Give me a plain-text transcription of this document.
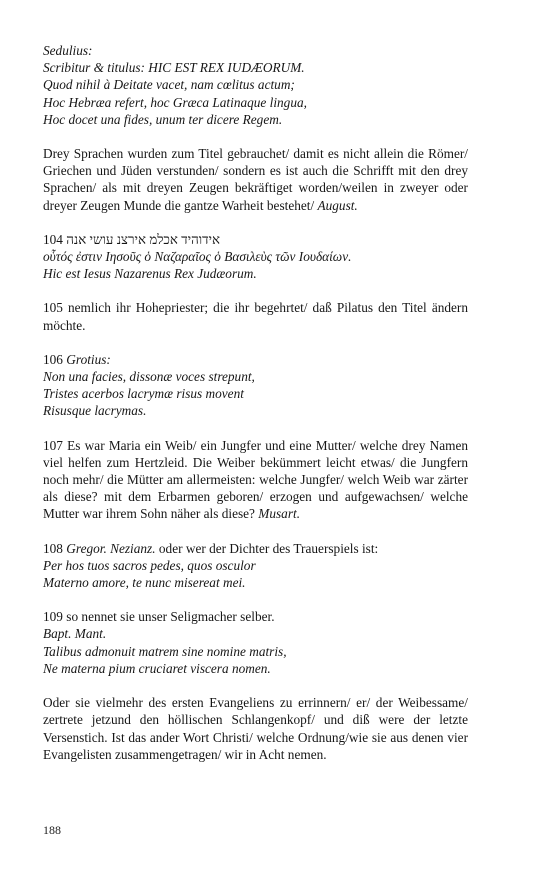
Sedulius:
Scribitur & titulus: HIC EST REX IUDÆORUM.
Quod nihil à Deitate vacet, nam cœlitus actum;
Hoc Hebræa refert, hoc Græca Latinaque lingua,
Hoc docet una fides, unum ter dicere Regem.
Drey Sprachen wurden zum Titel gebrauchet/ damit es nicht allein die Römer/ Griechen und Jüden verstunden/ sondern es ist auch die Schrifft mit den drey Sprachen/ als mit dreyen Zeugen bekräftiget worden/weilen in zweyer oder dreyer Zeugen Munde die gantze Warheit bestehet/ August.
104 אידוהיד אכלמ אירצנ עושי אנה
οὗτός ἐστιν Ιησοῦς ὁ Ναζαραῖος ὁ Βασιλεὺς τῶν Ιουδαίων.
Hic est Iesus Nazarenus Rex Judæorum.
105 nemlich ihr Hohepriester; die ihr begehrtet/ daß Pilatus den Titel ändern möchte.
106 Grotius:
Non una facies, dissonæ voces strepunt,
Tristes acerbos lacrymæ risus movent
Risusque lacrymas.
107 Es war Maria ein Weib/ ein Jungfer und eine Mutter/ welche drey Namen viel helfen zum Hertzleid. Die Weiber bekümmert leicht etwas/ die Jungfern noch mehr/ die Mütter am allermeisten: welche Jungfer/ welch Weib war zärter als diese? mit dem Erbarmen geboren/ erzogen und aufgewachsen/ welche Mutter war ihrem Sohn näher als diese? Musart.
108 Gregor. Nezianz. oder wer der Dichter des Trauerspiels ist:
Per hos tuos sacros pedes, quos osculor
Materno amore, te nunc misereat mei.
109 so nennet sie unser Seligmacher selber.
Bapt. Mant.
Talibus admonuit matrem sine nomine matris,
Ne materna pium cruciaret viscera nomen.
Oder sie vielmehr des ersten Evangeliens zu errinnern/ er/ der Weibessame/ zertrete jetzund den höllischen Schlangenkopf/ und diß were der letzte Versenstich. Ist das ander Wort Christi/ welche Ordnung/wie sie aus denen vier Evangelisten zusammengetragen/ wir in Acht nemen.
188
